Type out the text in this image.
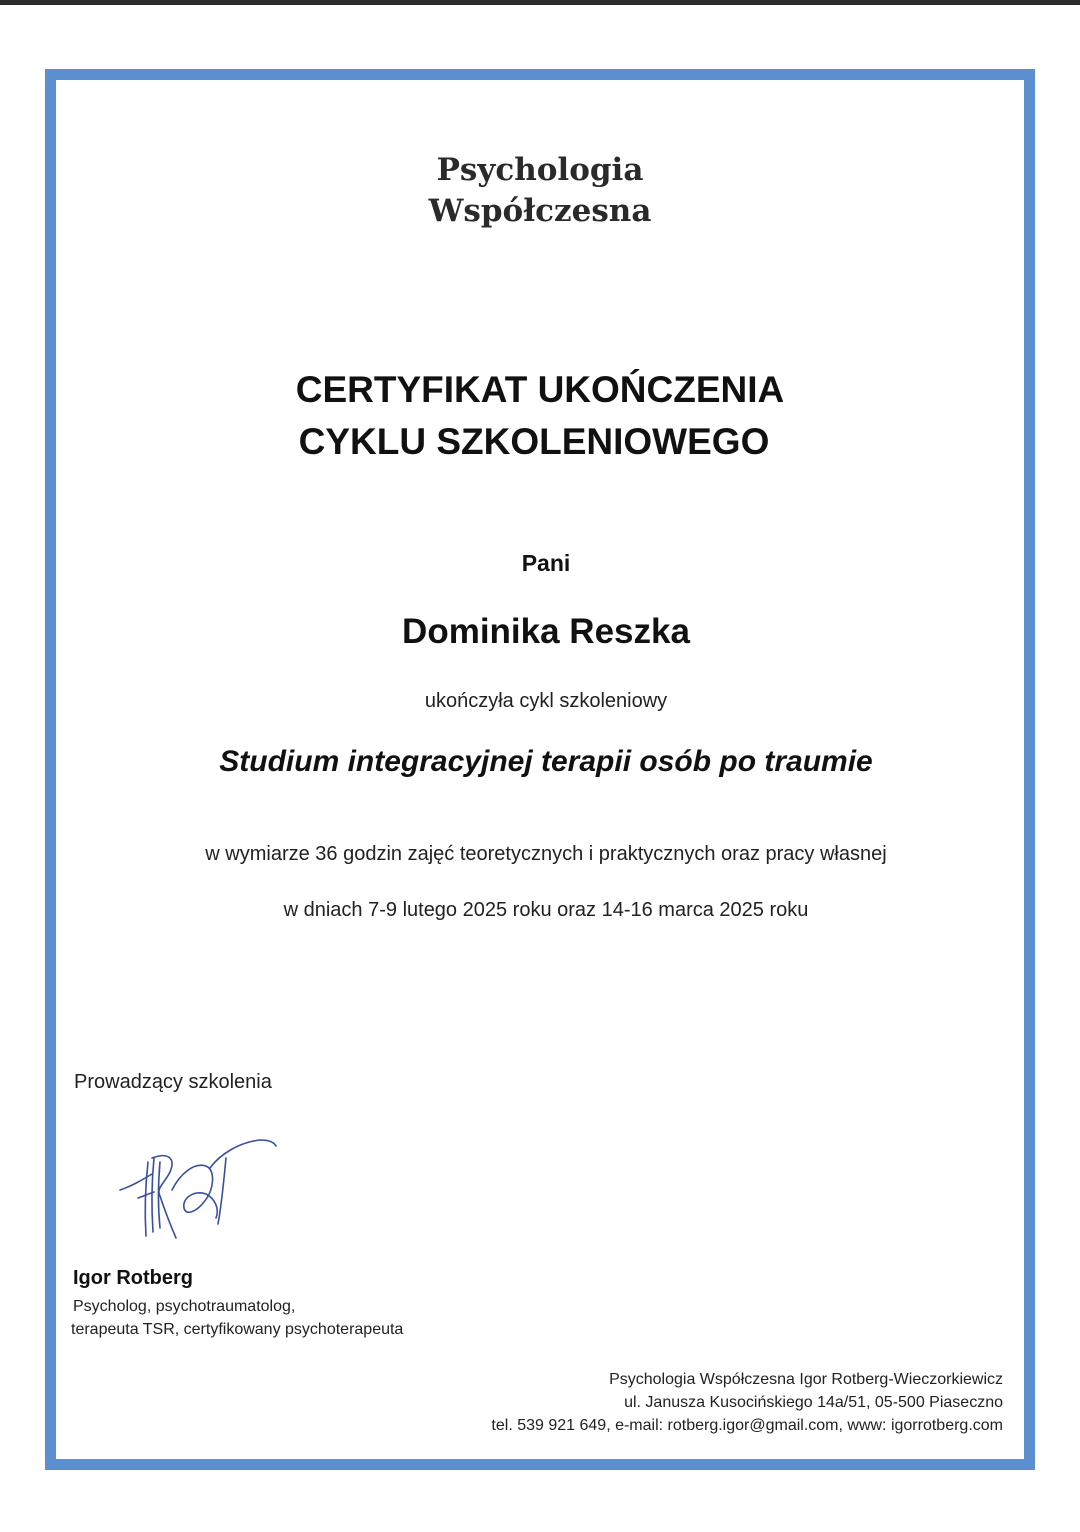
Psychologia
Współczesna
CERTYFIKAT UKOŃCZENIA
CYKLU SZKOLENIOWEGO
Pani
Dominika Reszka
ukończyła cykl szkoleniowy
Studium integracyjnej terapii osób po traumie
w wymiarze 36 godzin zajęć teoretycznych i praktycznych oraz pracy własnej
w dniach 7-9 lutego 2025 roku oraz 14-16 marca 2025 roku
Prowadzący szkolenia
Igor Rotberg
Psycholog, psychotraumatolog,
terapeuta TSR, certyfikowany psychoterapeuta
Psychologia Współczesna Igor Rotberg-Wieczorkiewicz
ul. Janusza Kusocińskiego 14a/51, 05-500 Piaseczno
tel. 539 921 649, e-mail: rotberg.igor@gmail.com, www: igorrotberg.com
